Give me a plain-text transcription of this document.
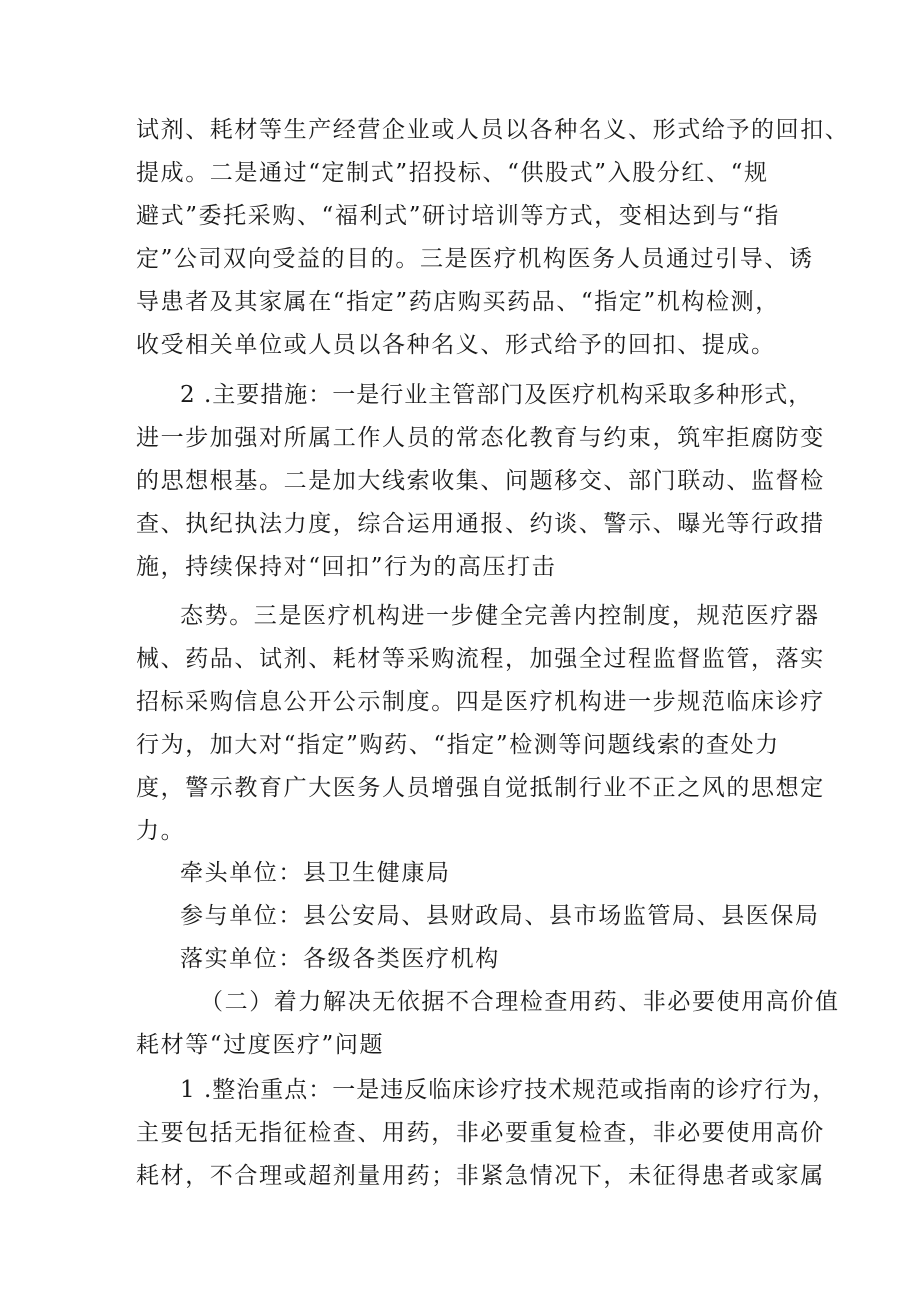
试剂、耗材等生产经营企业或人员以各种名义、形式给予的回扣、
提成。二是通过“定制式”招投标、“供股式”入股分红、“规
避式”委托采购、“福利式”研讨培训等方式，变相达到与“指
定”公司双向受益的目的。三是医疗机构医务人员通过引导、诱
导患者及其家属在“指定”药店购买药品、“指定”机构检测，
收受相关单位或人员以各种名义、形式给予的回扣、提成。
2 .主要措施：一是行业主管部门及医疗机构采取多种形式，
进一步加强对所属工作人员的常态化教育与约束，筑牢拒腐防变
的思想根基。二是加大线索收集、问题移交、部门联动、监督检
查、执纪执法力度，综合运用通报、约谈、警示、曝光等行政措
施，持续保持对“回扣”行为的高压打击
态势。三是医疗机构进一步健全完善内控制度，规范医疗器
械、药品、试剂、耗材等采购流程，加强全过程监督监管，落实
招标采购信息公开公示制度。四是医疗机构进一步规范临床诊疗
行为，加大对“指定”购药、“指定”检测等问题线索的查处力
度，警示教育广大医务人员增强自觉抵制行业不正之风的思想定
力。
牵头单位：县卫生健康局
参与单位：县公安局、县财政局、县市场监管局、县医保局
落实单位：各级各类医疗机构
（二）着力解决无依据不合理检查用药、非必要使用高价值
耗材等“过度医疗”问题
1 .整治重点：一是违反临床诊疗技术规范或指南的诊疗行为，
主要包括无指征检查、用药，非必要重复检查，非必要使用高价
耗材，不合理或超剂量用药；非紧急情况下，未征得患者或家属
